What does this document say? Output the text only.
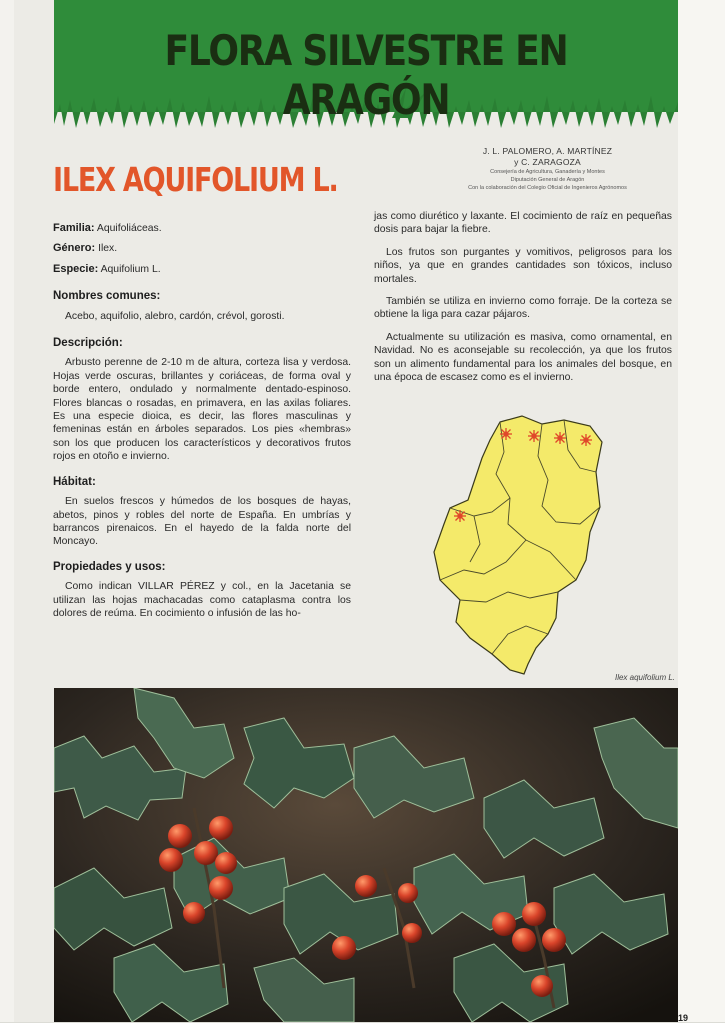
FLORA SILVESTRE EN ARAGÓN
ILEX AQUIFOLIUM L.
J. L. PALOMERO, A. MARTÍNEZ
y C. ZARAGOZA
Consejería de Agricultura, Ganadería y Montes
Diputación General de Aragón
Con la colaboración del Colegio Oficial de Ingenieros Agrónomos
Familia: Aquifoliáceas.
Género: Ilex.
Especie: Aquifolium L.
Nombres comunes:
Acebo, aquifolio, alebro, cardón, crévol, gorosti.
Descripción:
Arbusto perenne de 2-10 m de altura, corteza lisa y verdosa. Hojas verde oscuras, brillantes y coriáceas, de forma oval y borde entero, ondulado y normalmente dentado-espinoso. Flores blancas o rosadas, en primavera, en las axilas foliares. Es una especie dioica, es decir, las flores masculinas y femeninas están en árboles separados. Los pies «hembras» son los que producen los característicos y decorativos frutos rojos en otoño e invierno.
Hábitat:
En suelos frescos y húmedos de los bosques de hayas, abetos, pinos y robles del norte de España. En umbrías y barrancos pirenaicos. En el hayedo de la falda norte del Moncayo.
Propiedades y usos:
Como indican VILLAR PÉREZ y col., en la Jacetania se utilizan las hojas machacadas como cataplasma contra los dolores de reúma. En cocimiento o infusión de las ho-
jas como diurético y laxante. El cocimiento de raíz en pequeñas dosis para bajar la fiebre.
Los frutos son purgantes y vomitivos, peligrosos para los niños, ya que en grandes cantidades son tóxicos, incluso mortales.
También se utiliza en invierno como forraje. De la corteza se obtiene la liga para cazar pájaros.
Actualmente su utilización es masiva, como ornamental, en Navidad. No es aconsejable su recolección, ya que los frutos son un alimento fundamental para los animales del bosque, en una época de escasez como es el invierno.
Ilex aquifolium L.
19
